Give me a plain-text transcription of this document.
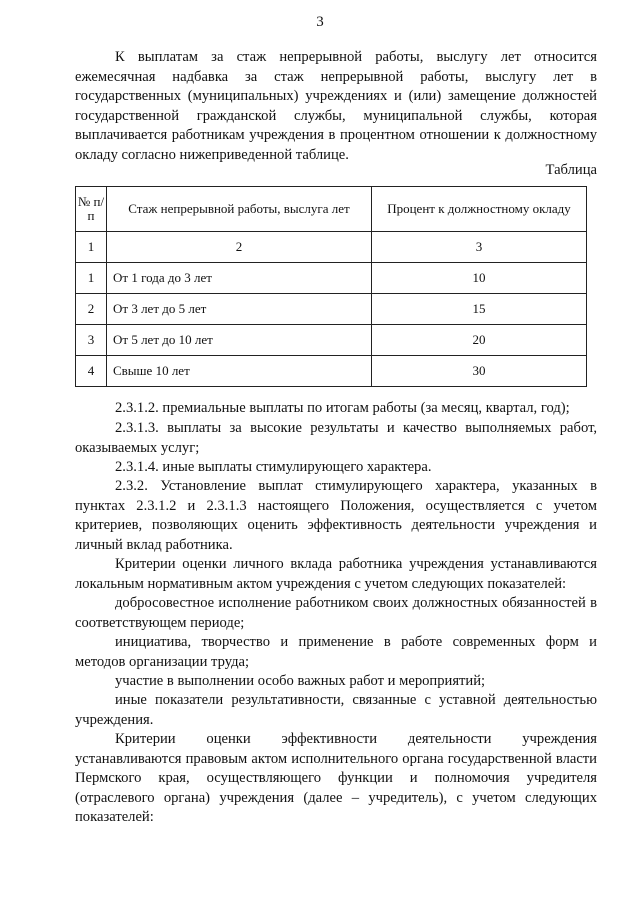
3

К выплатам за стаж непрерывной работы, выслугу лет относится ежемесячная надбавка за стаж непрерывной работы, выслугу лет в государственных (муниципальных) учреждениях и (или) замещение должностей государственной гражданской службы, муниципальной службы, которая выплачивается работникам учреждения в процентном отношении к должностному окладу согласно нижеприведенной таблице.

Таблица
№ п/п	Стаж непрерывной работы, выслуга лет	Процент к должностному окладу
1	2	3
1	От 1 года до 3 лет	10
2	От 3 лет до 5 лет	15
3	От 5 лет до 10 лет	20
4	Свыше 10 лет	30

2.3.1.2. премиальные выплаты по итогам работы (за месяц, квартал, год);

2.3.1.3. выплаты за высокие результаты и качество выполняемых работ, оказываемых услуг;

2.3.1.4. иные выплаты стимулирующего характера.

2.3.2. Установление выплат стимулирующего характера, указанных в пунктах 2.3.1.2 и 2.3.1.3 настоящего Положения, осуществляется с учетом критериев, позволяющих оценить эффективность деятельности учреждения и личный вклад работника.

Критерии оценки личного вклада работника учреждения устанавливаются локальным нормативным актом учреждения с учетом следующих показателей:

добросовестное исполнение работником своих должностных обязанностей в соответствующем периоде;

инициатива, творчество и применение в работе современных форм и методов организации труда;

участие в выполнении особо важных работ и мероприятий;

иные показатели результативности, связанные с уставной деятельностью учреждения.

Критерии оценки эффективности деятельности учреждения устанавливаются правовым актом исполнительного органа государственной власти Пермского края, осуществляющего функции и полномочия учредителя (отраслевого органа) учреждения (далее – учредитель), с учетом следующих показателей:
